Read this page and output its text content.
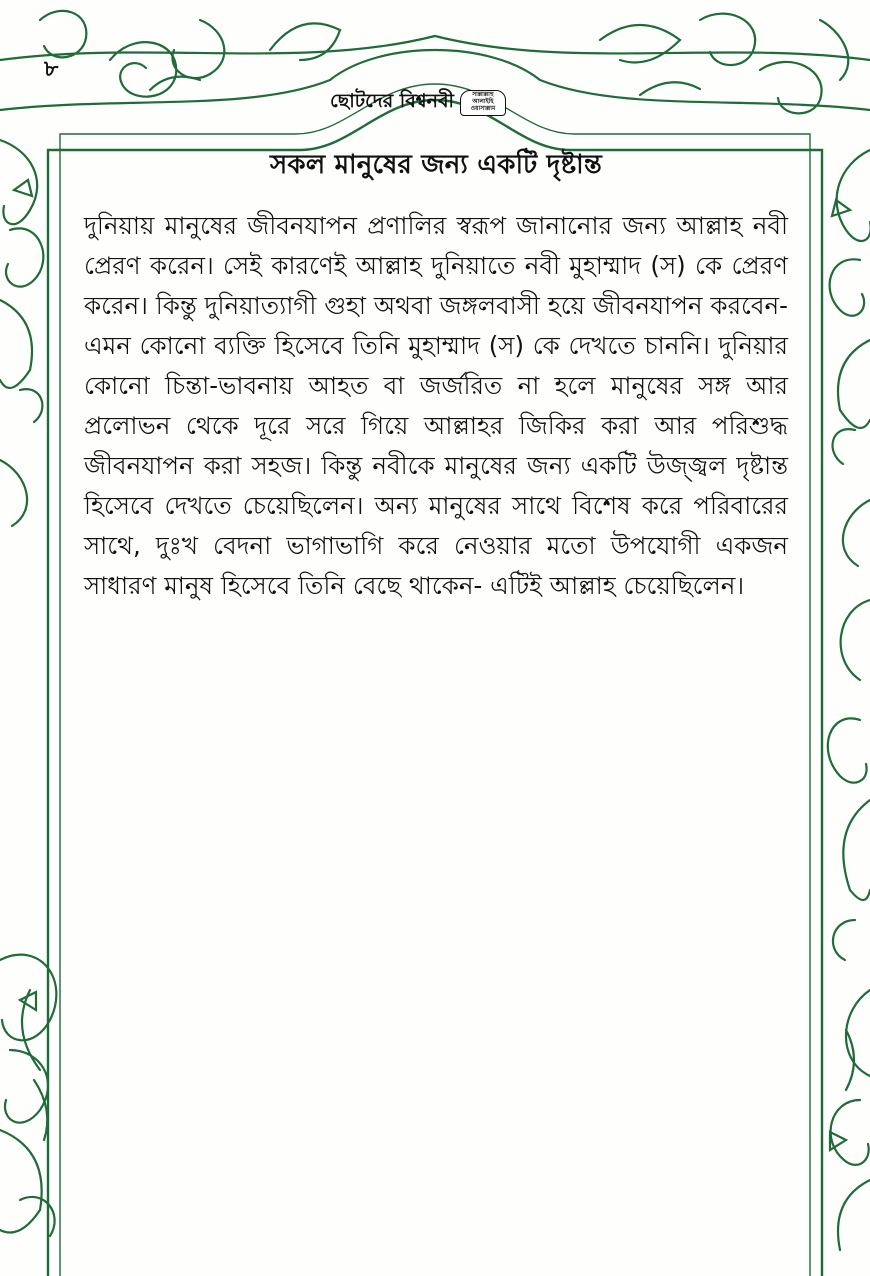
৮
ছোটদের বিশ্বনবী	সাল্লাল্লাহু
আলাইহি
ওয়াসাল্লাম
সকল মানুষের জন্য একটি দৃষ্টান্ত

দুনিয়ায় মানুষের জীবনযাপন প্রণালির স্বরূপ জানানোর জন্য আল্লাহ নবী প্রেরণ করেন। সেই কারণেই আল্লাহ দুনিয়াতে নবী মুহাম্মাদ (স) কে প্রেরণ করেন। কিন্তু দুনিয়াত্যাগী গুহা অথবা জঙ্গলবাসী হয়ে জীবনযাপন করবেন- এমন কোনো ব্যক্তি হিসেবে তিনি মুহাম্মাদ (স) কে দেখতে চাননি। দুনিয়ার কোনো চিন্তা-ভাবনায় আহত বা জর্জরিত না হলে মানুষের সঙ্গ আর প্রলোভন থেকে দূরে সরে গিয়ে আল্লাহর জিকির করা আর পরিশুদ্ধ জীবনযাপন করা সহজ। কিন্তু নবীকে মানুষের জন্য একটি উজ্জ্বল দৃষ্টান্ত হিসেবে দেখতে চেয়েছিলেন। অন্য মানুষের সাথে বিশেষ করে পরিবারের সাথে, দুঃখ বেদনা ভাগাভাগি করে নেওয়ার মতো উপযোগী একজন সাধারণ মানুষ হিসেবে তিনি বেছে থাকেন- এটিই আল্লাহ চেয়েছিলেন।
